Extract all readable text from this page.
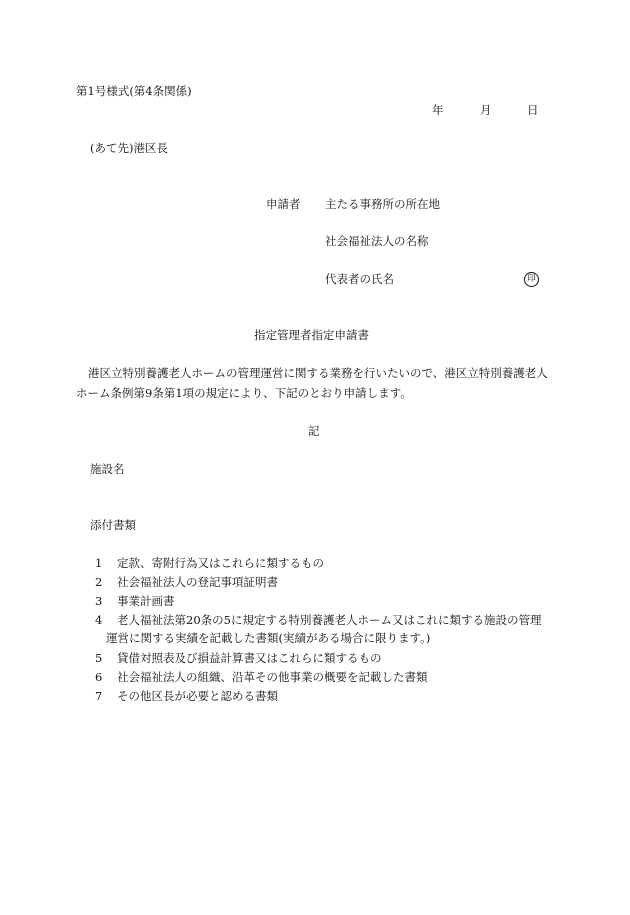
第1号様式(第4条関係)
年	月	日
(あて先)港区長
申請者 主たる事務所の所在地
社会福祉法人の名称
代表者の氏名	印
指定管理者指定申請書
港区立特別養護老人ホームの管理運営に関する業務を行いたいので、港区立特別養護老人ホーム条例第9条第1項の規定により、下記のとおり申請します。
記
施設名
添付書類
1 定款、寄附行為又はこれらに類するもの
2 社会福祉法人の登記事項証明書
3 事業計画書
4 老人福祉法第20条の5に規定する特別養護老人ホーム又はこれに類する施設の管理
運営に関する実績を記載した書類(実績がある場合に限ります。)
5 貸借対照表及び損益計算書又はこれらに類するもの
6 社会福祉法人の組織、沿革その他事業の概要を記載した書類
7 その他区長が必要と認める書類
